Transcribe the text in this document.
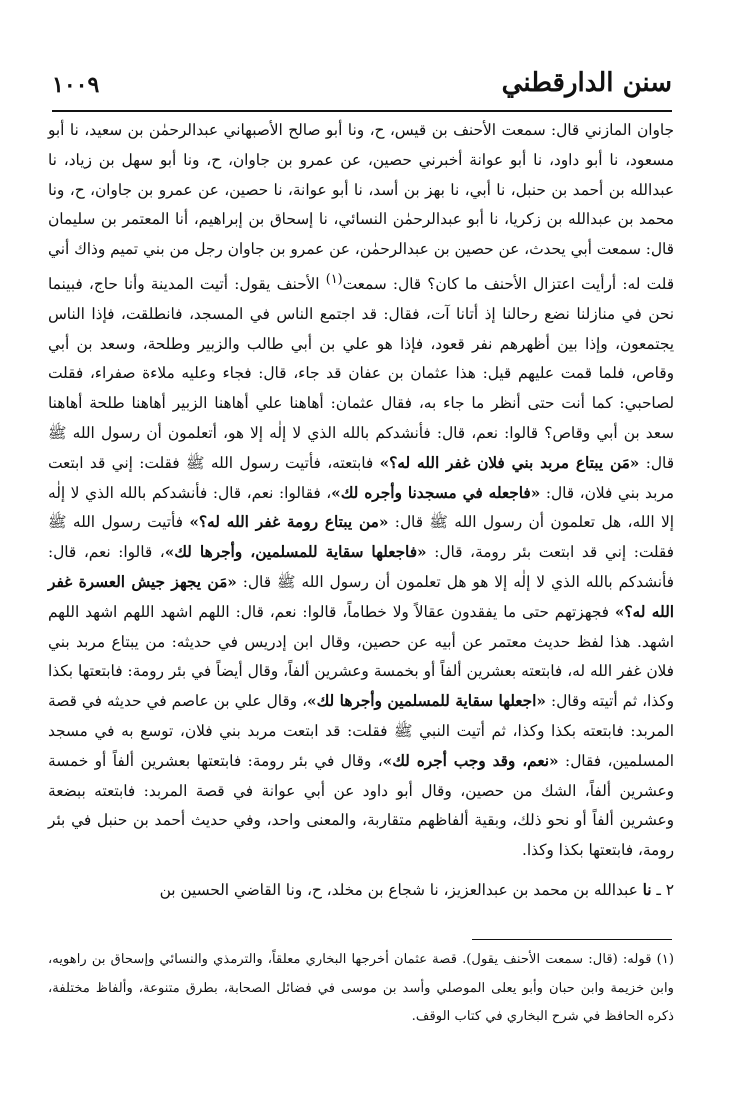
١٠٠٩	سنن الدارقطني

جاوان المازني قال: سمعت الأحنف بن قيس، ح، ونا أبو صالح الأصبهاني عبدالرحمٰن بن سعيد، نا أبو مسعود، نا أبو داود، نا أبو عوانة أخبرني حصين، عن عمرو بن جاوان، ح، ونا أبو سهل بن زياد، نا عبدالله بن أحمد بن حنبل، نا أبي، نا بهز بن أسد، نا أبو عوانة، نا حصين، عن عمرو بن جاوان، ح، ونا محمد بن عبدالله بن زكريا، نا أبو عبدالرحمٰن النسائي، نا إسحاق بن إبراهيم، أنا المعتمر بن سليمان قال: سمعت أبي يحدث، عن حصين بن عبدالرحمٰن، عن عمرو بن جاوان رجل من بني تميم وذاك أني قلت له: أرأيت اعتزال الأحنف ما كان؟ قال: سمعت$^{(١)}$ الأحنف يقول: أتيت المدينة وأنا حاج، فبينما نحن في منازلنا نضع رحالنا إذ أتانا آت، فقال: قد اجتمع الناس في المسجد، فانطلقت، فإذا الناس يجتمعون، وإذا بين أظهرهم نفر قعود، فإذا هو علي بن أبي طالب والزبير وطلحة، وسعد بن أبي وقاص، فلما قمت عليهم قيل: هذا عثمان بن عفان قد جاء، قال: فجاء وعليه ملاءة صفراء، فقلت لصاحبي: كما أنت حتى أنظر ما جاء به، فقال عثمان: أهاهنا علي أهاهنا الزبير أهاهنا طلحة أهاهنا سعد بن أبي وقاص؟ قالوا: نعم، قال: فأنشدكم بالله الذي لا إلٰه إلا هو، أتعلمون أن رسول الله ﷺ قال: «مَن يبتاع مربد بني فلان غفر الله له؟» فابتعته، فأتيت رسول الله ﷺ فقلت: إني قد ابتعت مربد بني فلان، قال: «فاجعله في مسجدنا وأجره لك»، فقالوا: نعم، قال: فأنشدكم بالله الذي لا إلٰه إلا الله، هل تعلمون أن رسول الله ﷺ قال: «من يبتاع رومة غفر الله له؟» فأتيت رسول الله ﷺ فقلت: إني قد ابتعت بئر رومة، قال: «فاجعلها سقاية للمسلمين، وأجرها لك»، قالوا: نعم، قال: فأنشدكم بالله الذي لا إلٰه إلا هو هل تعلمون أن رسول الله ﷺ قال: «مَن يجهز جيش العسرة غفر الله له؟» فجهزتهم حتى ما يفقدون عقالاً ولا خطاماً، قالوا: نعم، قال: اللهم اشهد اللهم اشهد اللهم اشهد. هذا لفظ حديث معتمر عن أبيه عن حصين، وقال ابن إدريس في حديثه: من يبتاع مربد بني فلان غفر الله له، فابتعته بعشرين ألفاً أو بخمسة وعشرين ألفاً، وقال أيضاً في بئر رومة: فابتعتها بكذا وكذا، ثم أتيته وقال: «اجعلها سقاية للمسلمين وأجرها لك»، وقال علي بن عاصم في حديثه في قصة المربد: فابتعته بكذا وكذا، ثم أتيت النبي ﷺ فقلت: قد ابتعت مربد بني فلان، توسع به في مسجد المسلمين، فقال: «نعم، وقد وجب أجره لك»، وقال في بئر رومة: فابتعتها بعشرين ألفاً أو خمسة وعشرين ألفاً، الشك من حصين، وقال أبو داود عن أبي عوانة في قصة المربد: فابتعته ببضعة وعشرين ألفاً أو نحو ذلك، وبقية ألفاظهم متقاربة، والمعنى واحد، وفي حديث أحمد بن حنبل في بئر رومة، فابتعتها بكذا وكذا.

٢ ـ نا عبدالله بن محمد بن عبدالعزيز، نا شجاع بن مخلد، ح، ونا القاضي الحسين بن

(١) قوله: (قال: سمعت الأحنف يقول). قصة عثمان أخرجها البخاري معلقاً، والترمذي والنسائي وإسحاق بن راهويه، وابن خزيمة وابن حبان وأبو يعلى الموصلي وأسد بن موسى في فضائل الصحابة، بطرق متنوعة، وألفاظ مختلفة، ذكره الحافظ في شرح البخاري في كتاب الوقف.
